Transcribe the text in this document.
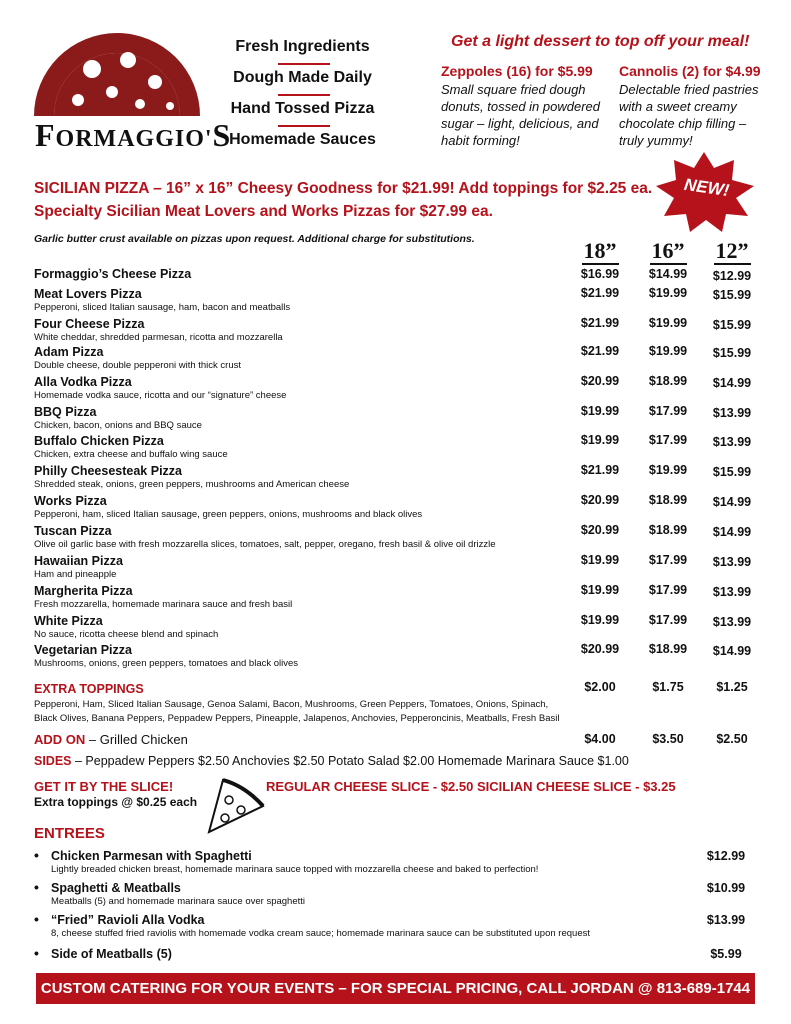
FORMAGGIO'S
Fresh Ingredients
Dough Made Daily
Hand Tossed Pizza
Homemade Sauces
Get a light dessert to top off your meal!
Zeppoles (16) for $5.99
Small square fried dough donuts, tossed in powdered sugar – light, delicious, and habit forming!
Cannolis (2) for $4.99
Delectable fried pastries with a sweet creamy chocolate chip filling – truly yummy!
SICILIAN PIZZA – 16” x 16” Cheesy Goodness for $21.99! Add toppings for $2.25 ea.
Specialty Sicilian Meat Lovers and Works Pizzas for $27.99 ea.
NEW!
Garlic butter crust available on pizzas upon request. Additional charge for substitutions.	18”	16”	12”
Formaggio’s Cheese Pizza	$16.99	$14.99	$12.99
Meat Lovers Pizza
Pepperoni, sliced Italian sausage, ham, bacon and meatballs
$21.99	$19.99	$15.99
Four Cheese Pizza
White cheddar, shredded parmesan, ricotta and mozzarella
$21.99	$19.99	$15.99
Adam Pizza
Double cheese, double pepperoni with thick crust
$21.99	$19.99	$15.99
Alla Vodka Pizza
Homemade vodka sauce, ricotta and our “signature” cheese
$20.99	$18.99	$14.99
BBQ Pizza
Chicken, bacon, onions and BBQ sauce
$19.99	$17.99	$13.99
Buffalo Chicken Pizza
Chicken, extra cheese and buffalo wing sauce
$19.99	$17.99	$13.99
Philly Cheesesteak Pizza
Shredded steak, onions, green peppers, mushrooms and American cheese
$21.99	$19.99	$15.99
Works Pizza
Pepperoni, ham, sliced Italian sausage, green peppers, onions, mushrooms and black olives
$20.99	$18.99	$14.99
Tuscan Pizza
Olive oil garlic base with fresh mozzarella slices, tomatoes, salt, pepper, oregano, fresh basil & olive oil drizzle
$20.99	$18.99	$14.99
Hawaiian Pizza
Ham and pineapple
$19.99	$17.99	$13.99
Margherita Pizza
Fresh mozzarella, homemade marinara sauce and fresh basil
$19.99	$17.99	$13.99
White Pizza
No sauce, ricotta cheese blend and spinach
$19.99	$17.99	$13.99
Vegetarian Pizza
Mushrooms, onions, green peppers, tomatoes and black olives
$20.99	$18.99	$14.99
EXTRA TOPPINGS	$2.00	$1.75	$1.25
Pepperoni, Ham, Sliced Italian Sausage, Genoa Salami, Bacon, Mushrooms, Green Peppers, Tomatoes, Onions, Spinach,
Black Olives, Banana Peppers, Peppadew Peppers, Pineapple, Jalapenos, Anchovies, Pepperoncinis, Meatballs, Fresh Basil
ADD ON – Grilled Chicken	$4.00	$3.50	$2.50
SIDES – Peppadew Peppers $2.50 Anchovies $2.50 Potato Salad $2.00 Homemade Marinara Sauce $1.00
GET IT BY THE SLICE!
Extra toppings @ $0.25 each
REGULAR CHEESE SLICE - $2.50 SICILIAN CHEESE SLICE - $3.25
ENTREES
• Chicken Parmesan with Spaghetti
Lightly breaded chicken breast, homemade marinara sauce topped with mozzarella cheese and baked to perfection!
$12.99
• Spaghetti & Meatballs
Meatballs (5) and homemade marinara sauce over spaghetti
$10.99
• “Fried” Ravioli Alla Vodka
8, cheese stuffed fried raviolis with homemade vodka cream sauce; homemade marinara sauce can be substituted upon request
$13.99
• Side of Meatballs (5)	$5.99
CUSTOM CATERING FOR YOUR EVENTS – FOR SPECIAL PRICING, CALL JORDAN @ 813-689-1744
